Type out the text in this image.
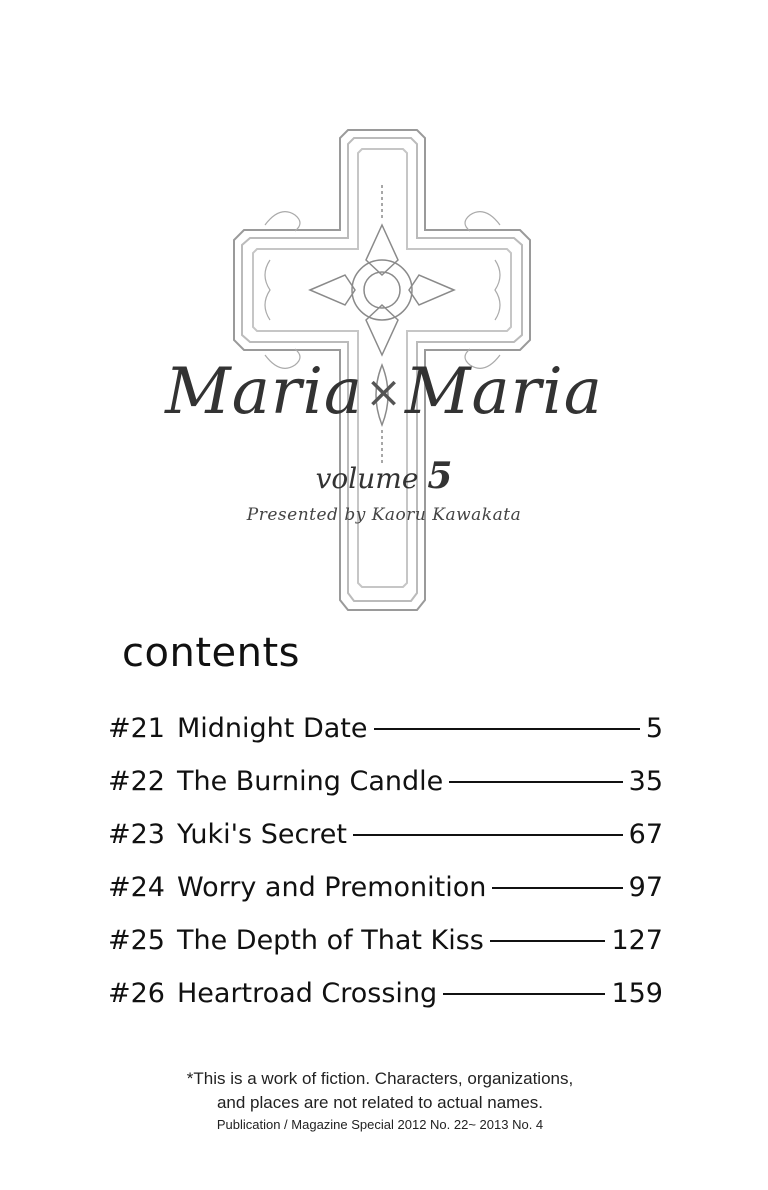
Maria×Maria
volume 5
Presented by Kaoru Kawakata
contents
#21 Midnight Date	5
#22 The Burning Candle	35
#23 Yuki's Secret	67
#24 Worry and Premonition	97
#25 The Depth of That Kiss	127
#26 Heartroad Crossing	159
*This is a work of fiction. Characters, organizations,
and places are not related to actual names.
Publication / Magazine Special 2012 No. 22~ 2013 No. 4
